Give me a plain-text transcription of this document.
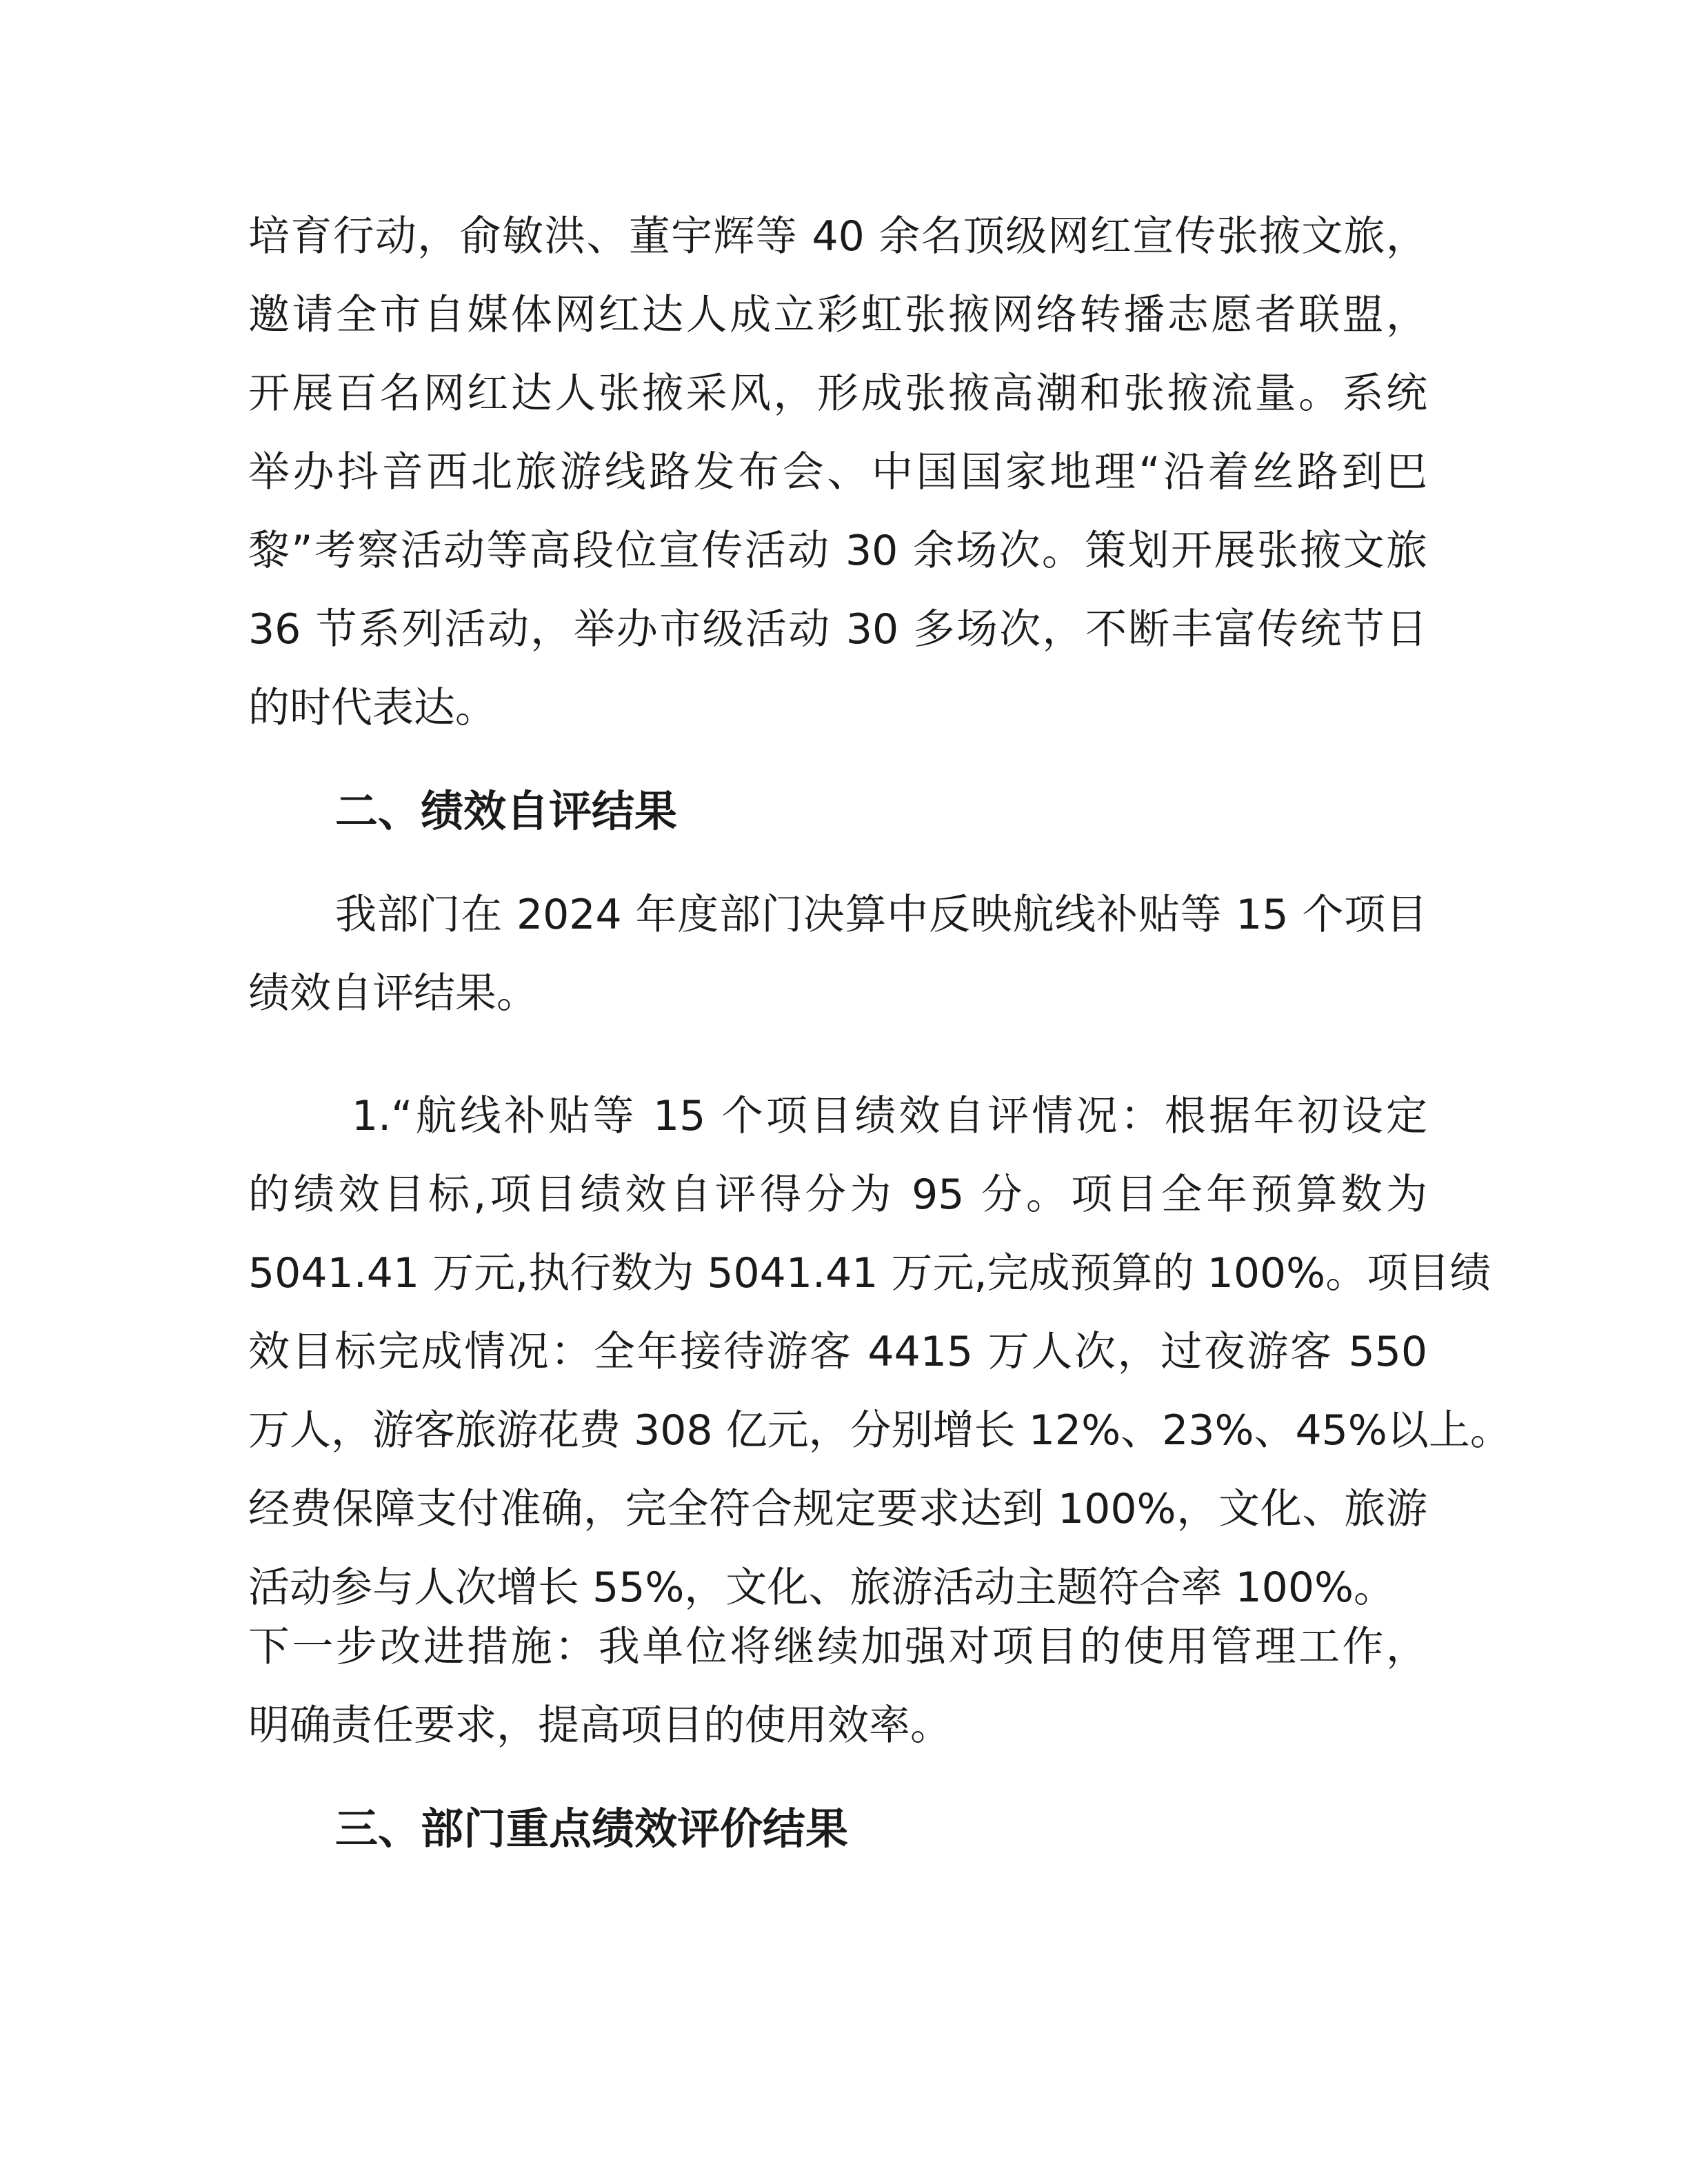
培育行动，俞敏洪、董宇辉等 40 余名顶级网红宣传张掖文旅，

邀请全市自媒体网红达人成立彩虹张掖网络转播志愿者联盟，

开展百名网红达人张掖采风，形成张掖高潮和张掖流量。系统

举办抖音西北旅游线路发布会、中国国家地理“沿着丝路到巴

黎”考察活动等高段位宣传活动 30 余场次。策划开展张掖文旅

36 节系列活动，举办市级活动 30 多场次，不断丰富传统节日

的时代表达。

二、绩效自评结果

我部门在 2024 年度部门决算中反映航线补贴等 15 个项目

绩效自评结果。

1.“航线补贴等 15 个项目绩效自评情况：根据年初设定

的绩效目标,项目绩效自评得分为 95 分。项目全年预算数为

5041.41 万元,执行数为 5041.41 万元,完成预算的 100%。项目绩

效目标完成情况：全年接待游客 4415 万人次，过夜游客 550

万人，游客旅游花费 308 亿元，分别增长 12%、23%、45%以上。

经费保障支付准确，完全符合规定要求达到 100%，文化、旅游

活动参与人次增长 55%，文化、旅游活动主题符合率 100%。

下一步改进措施：我单位将继续加强对项目的使用管理工作，

明确责任要求，提高项目的使用效率。

三、部门重点绩效评价结果
